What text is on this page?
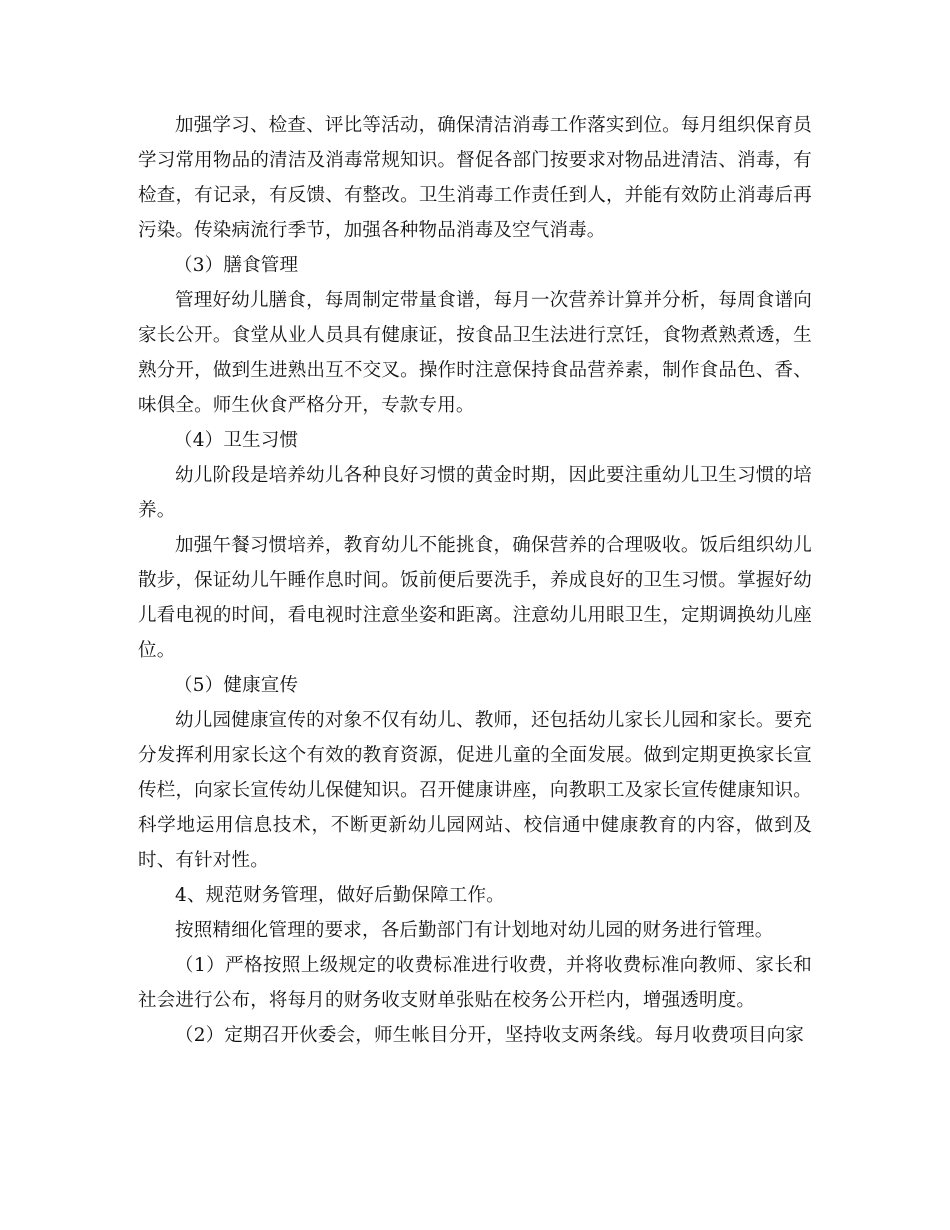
加强学习、检查、评比等活动，确保清洁消毒工作落实到位。每月组织保育员学习常用物品的清洁及消毒常规知识。督促各部门按要求对物品进清洁、消毒，有检查，有记录，有反馈、有整改。卫生消毒工作责任到人，并能有效防止消毒后再污染。传染病流行季节，加强各种物品消毒及空气消毒。

（3）膳食管理

管理好幼儿膳食，每周制定带量食谱，每月一次营养计算并分析，每周食谱向家长公开。食堂从业人员具有健康证，按食品卫生法进行烹饪，食物煮熟煮透，生熟分开，做到生进熟出互不交叉。操作时注意保持食品营养素，制作食品色、香、味俱全。师生伙食严格分开，专款专用。

（4）卫生习惯

幼儿阶段是培养幼儿各种良好习惯的黄金时期，因此要注重幼儿卫生习惯的培养。

加强午餐习惯培养，教育幼儿不能挑食，确保营养的合理吸收。饭后组织幼儿散步，保证幼儿午睡作息时间。饭前便后要洗手，养成良好的卫生习惯。掌握好幼儿看电视的时间，看电视时注意坐姿和距离。注意幼儿用眼卫生，定期调换幼儿座位。

（5）健康宣传

幼儿园健康宣传的对象不仅有幼儿、教师，还包括幼儿家长儿园和家长。要充分发挥利用家长这个有效的教育资源，促进儿童的全面发展。做到定期更换家长宣传栏，向家长宣传幼儿保健知识。召开健康讲座，向教职工及家长宣传健康知识。科学地运用信息技术，不断更新幼儿园网站、校信通中健康教育的内容，做到及时、有针对性。

4、规范财务管理，做好后勤保障工作。

按照精细化管理的要求，各后勤部门有计划地对幼儿园的财务进行管理。

（1）严格按照上级规定的收费标准进行收费，并将收费标准向教师、家长和社会进行公布，将每月的财务收支财单张贴在校务公开栏内，增强透明度。

（2）定期召开伙委会，师生帐目分开，坚持收支两条线。每月收费项目向家
